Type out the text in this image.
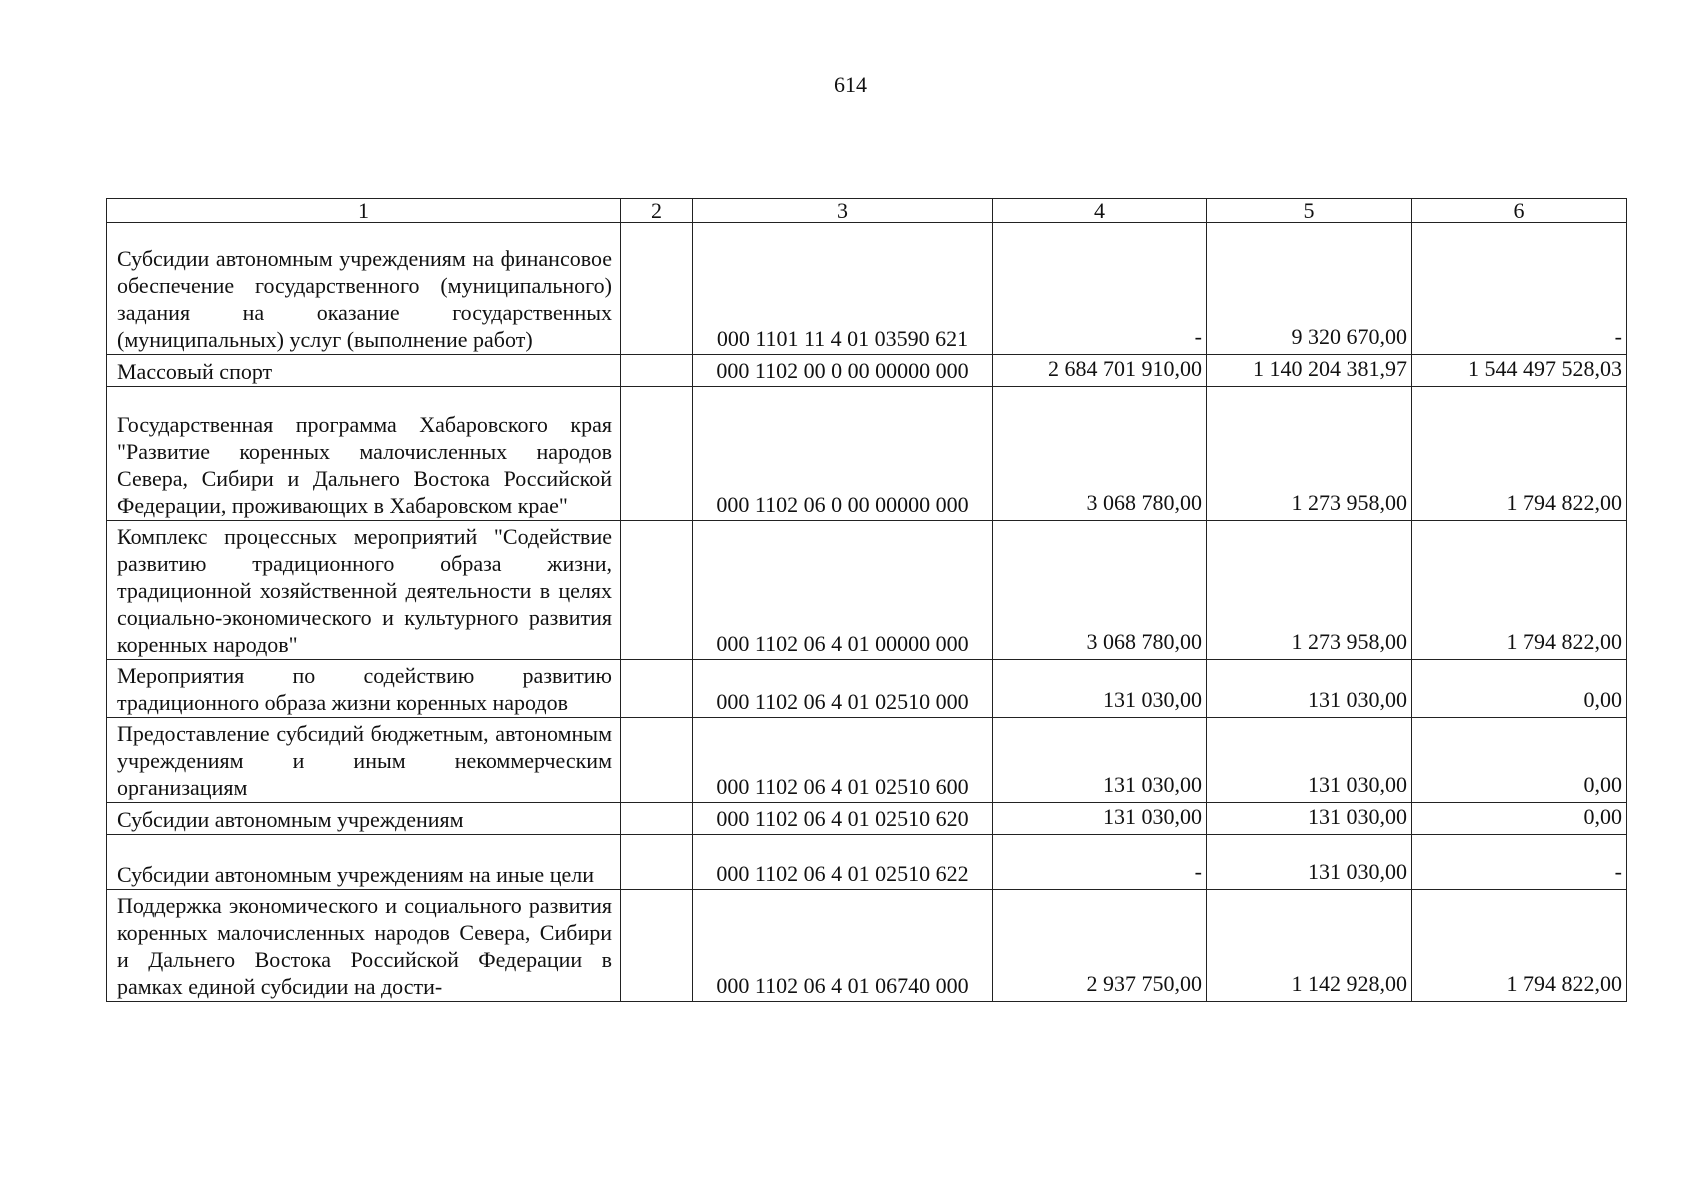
614
1	2	3	4	5	6
Субсидии автономным учреждениям на финансовое обеспечение государственного (муниципального) задания на оказание государственных (муниципальных) услуг (выполнение работ)		000 1101 11 4 01 03590 621	-	9 320 670,00	-
Массовый спорт		000 1102 00 0 00 00000 000	2 684 701 910,00	1 140 204 381,97	1 544 497 528,03
Государственная программа Хабаровского края "Развитие коренных малочисленных народов Севера, Сибири и Дальнего Востока Российской Федерации, проживающих в Хабаровском крае"		000 1102 06 0 00 00000 000	3 068 780,00	1 273 958,00	1 794 822,00
Комплекс процессных мероприятий "Содействие развитию традиционного образа жизни, традиционной хозяйственной деятельности в целях социально-экономического и культурного развития коренных народов"		000 1102 06 4 01 00000 000	3 068 780,00	1 273 958,00	1 794 822,00
Мероприятия по содействию развитию традиционного образа жизни коренных народов		000 1102 06 4 01 02510 000	131 030,00	131 030,00	0,00
Предоставление субсидий бюджетным, автономным учреждениям и иным некоммерческим организациям		000 1102 06 4 01 02510 600	131 030,00	131 030,00	0,00
Субсидии автономным учреждениям		000 1102 06 4 01 02510 620	131 030,00	131 030,00	0,00
Субсидии автономным учреждениям на иные цели		000 1102 06 4 01 02510 622	-	131 030,00	-
Поддержка экономического и социального развития коренных малочисленных народов Севера, Сибири и Дальнего Востока Российской Федерации в рамках единой субсидии на дости-		000 1102 06 4 01 06740 000	2 937 750,00	1 142 928,00	1 794 822,00
